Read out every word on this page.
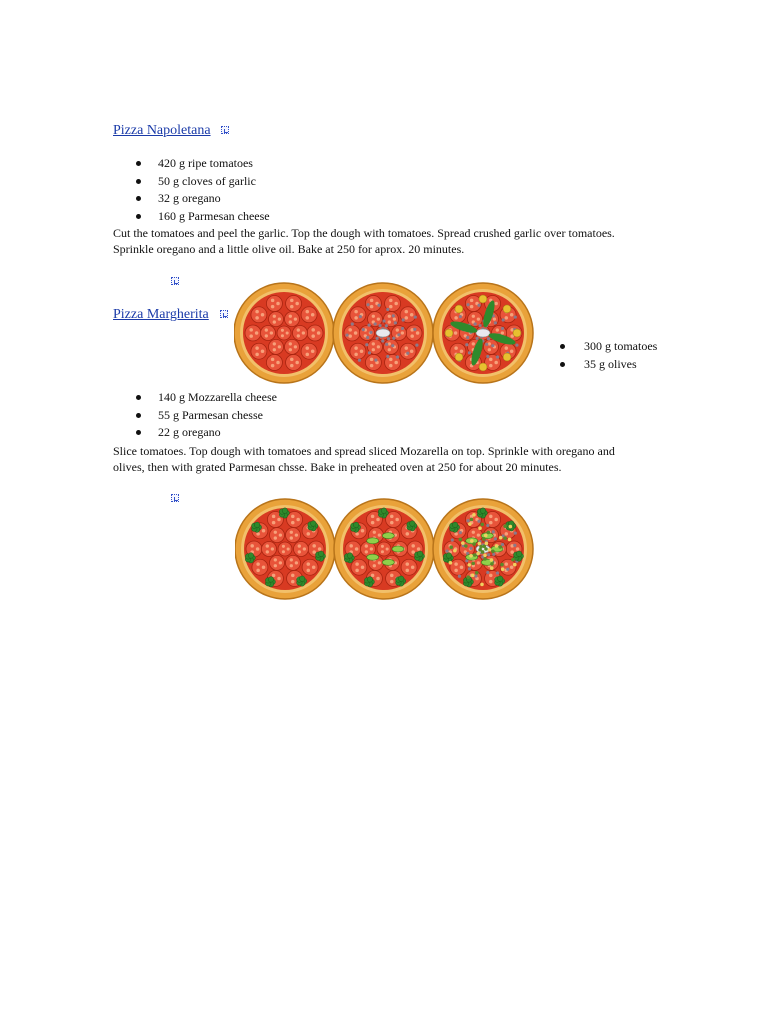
Pizza Napoletana
420 g ripe tomatoes
50 g cloves of garlic
32 g oregano
160 g Parmesan cheese

Cut the tomatoes and peel the garlic. Top the dough with tomatoes. Spread crushed garlic over tomatoes. Sprinkle oregano and a little olive oil. Bake at 250 for aprox. 20 minutes.

Pizza Margherita
300 g tomatoes
35 g olives
140 g Mozzarella cheese
55 g Parmesan chesse
22 g oregano

Slice tomatoes. Top dough with tomatoes and spread sliced Mozarella on top. Sprinkle with oregano and olives, then with grated Parmesan chsse. Bake in preheated oven at 250 for about 20 minutes.
